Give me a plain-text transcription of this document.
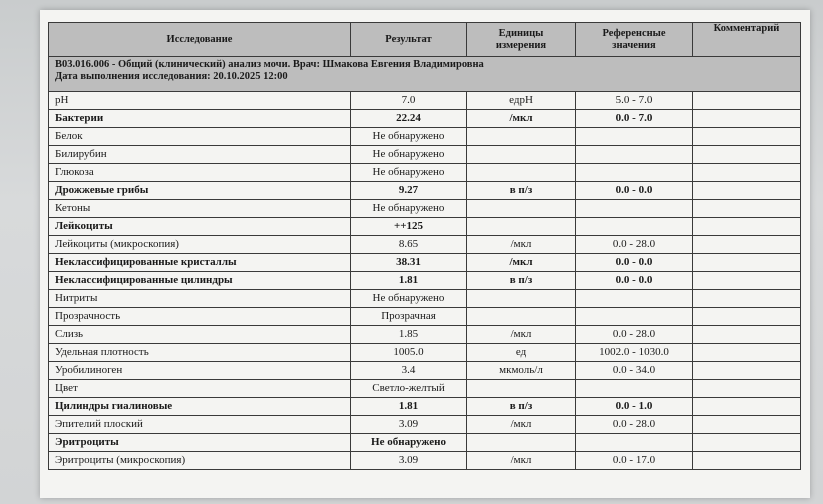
Исследование	Результат	Единицы измерения	Референсные значения	Комментарий

B03.016.006 - Общий (клинический) анализ мочи. Врач: Шмакова Евгения Владимировна
Дата выполнения исследования: 20.10.2025 12:00				

pH	7.0	едрН	5.0 - 7.0	
Бактерии	22.24	/мкл	0.0 - 7.0	
Белок	Не обнаружено			
Билирубин	Не обнаружено			
Глюкоза	Не обнаружено			
Дрожжевые грибы	9.27	в п/з	0.0 - 0.0	
Кетоны	Не обнаружено			
Лейкоциты	++125			
Лейкоциты (микроскопия)	8.65	/мкл	0.0 - 28.0	
Неклассифицированные кристаллы	38.31	/мкл	0.0 - 0.0	
Неклассифицированные цилиндры	1.81	в п/з	0.0 - 0.0	
Нитриты	Не обнаружено			
Прозрачность	Прозрачная			
Слизь	1.85	/мкл	0.0 - 28.0	
Удельная плотность	1005.0	ед	1002.0 - 1030.0	
Уробилиноген	3.4	мкмоль/л	0.0 - 34.0	
Цвет	Светло-желтый			
Цилиндры гиалиновые	1.81	в п/з	0.0 - 1.0	
Эпителий плоский	3.09	/мкл	0.0 - 28.0	
Эритроциты	Не обнаружено			
Эритроциты (микроскопия)	3.09	/мкл	0.0 - 17.0	
